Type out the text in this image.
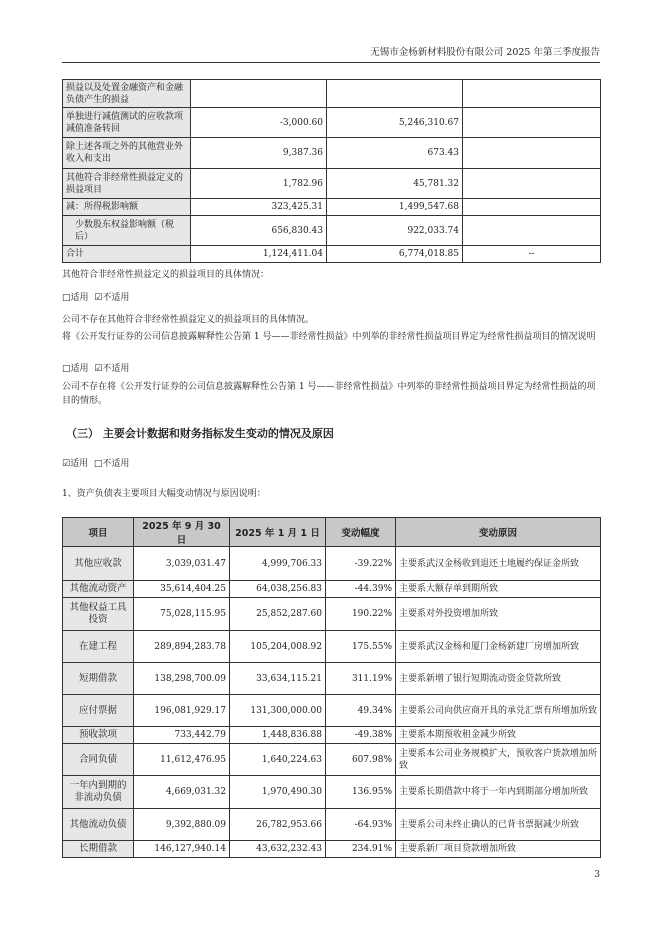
无锡市金杨新材料股份有限公司 2025 年第三季度报告
损益以及处置金融资产和金融负债产生的损益			
单独进行减值测试的应收款项减值准备转回	-3,000.60	5,246,310.67	
除上述各项之外的其他营业外收入和支出	9,387.36	673.43	
其他符合非经常性损益定义的损益项目	1,782.96	45,781.32	
减：所得税影响额	323,425.31	1,499,547.68	
少数股东权益影响额（税后）	656,830.43	922,033.74	
合计	1,124,411.04	6,774,018.85	--
其他符合非经常性损益定义的损益项目的具体情况：
□适用 ☑不适用
公司不存在其他符合非经常性损益定义的损益项目的具体情况。
将《公开发行证券的公司信息披露解释性公告第 1 号——非经常性损益》中列举的非经常性损益项目界定为经常性损益项目的情况说明
□适用 ☑不适用
公司不存在将《公开发行证券的公司信息披露解释性公告第 1 号——非经常性损益》中列举的非经常性损益项目界定为经常性损益的项目的情形。
（三） 主要会计数据和财务指标发生变动的情况及原因
☑适用 □不适用
1、资产负债表主要项目大幅变动情况与原因说明：
项目	2025 年 9 月 30 日	2025 年 1 月 1 日	变动幅度	变动原因
其他应收款	3,039,031.47	4,999,706.33	-39.22%	主要系武汉金杨收到退还土地履约保证金所致
其他流动资产	35,614,404.25	64,038,256.83	-44.39%	主要系大额存单到期所致
其他权益工具投资	75,028,115.95	25,852,287.60	190.22%	主要系对外投资增加所致
在建工程	289,894,283.78	105,204,008.92	175.55%	主要系武汉金杨和厦门金杨新建厂房增加所致
短期借款	138,298,700.09	33,634,115.21	311.19%	主要系新增了银行短期流动资金贷款所致
应付票据	196,081,929.17	131,300,000.00	49.34%	主要系公司向供应商开具的承兑汇票有所增加所致
预收款项	733,442.79	1,448,836.88	-49.38%	主要系本期预收租金减少所致
合同负债	11,612,476.95	1,640,224.63	607.98%	主要系本公司业务规模扩大，预收客户货款增加所致
一年内到期的非流动负债	4,669,031.32	1,970,490.30	136.95%	主要系长期借款中将于一年内到期部分增加所致
其他流动负债	9,392,880.09	26,782,953.66	-64.93%	主要系公司未终止确认的已背书票据减少所致
长期借款	146,127,940.14	43,632,232.43	234.91%	主要系新厂项目贷款增加所致
3
